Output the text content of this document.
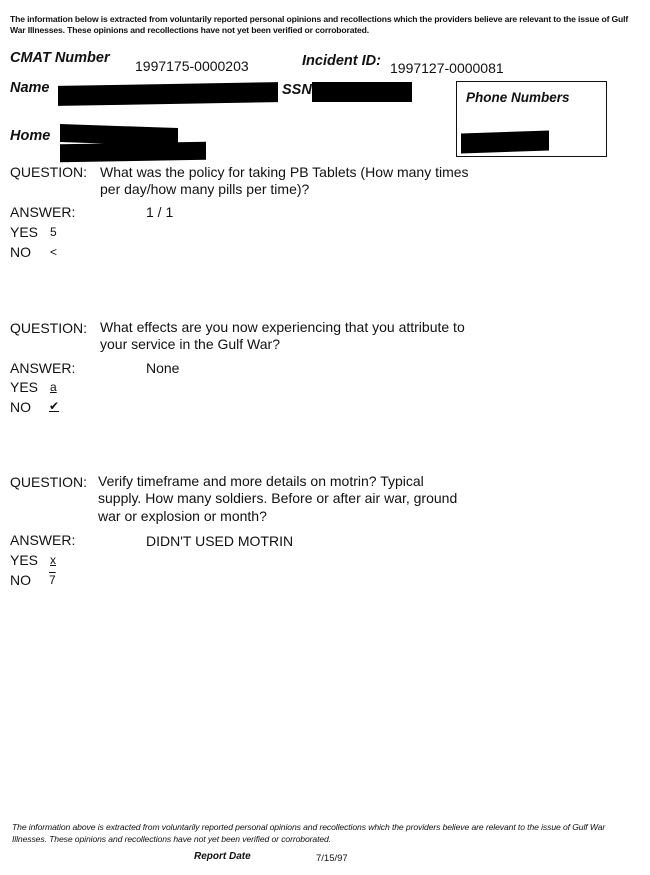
The information below is extracted from voluntarily reported personal opinions and recollections which the providers believe are relevant to the issue of Gulf War Illnesses. These opinions and recollections have not yet been verified or corroborated.
CMAT Number 1997175-0000203	Incident ID: 1997127-0000081
Name	SSN
Home
Phone Numbers
QUESTION: What was the policy for taking PB Tablets (How many times
per day/how many pills per time)?
ANSWER:	1 / 1
YES 5
NO <
QUESTION: What effects are you now experiencing that you attribute to
your service in the Gulf War?
ANSWER:	None
YES a
NO ✔
QUESTION: Verify timeframe and more details on motrin? Typical
supply. How many soldiers. Before or after air war, ground
war or explosion or month?
ANSWER:	DIDN'T USED MOTRIN
YES x
NO 7
The information above is extracted from voluntarily reported personal opinions and recollections which the providers believe are relevant to the issue of Gulf War Illnesses. These opinions and recollections have not yet been verified or corroborated.
Report Date	7/15/97
